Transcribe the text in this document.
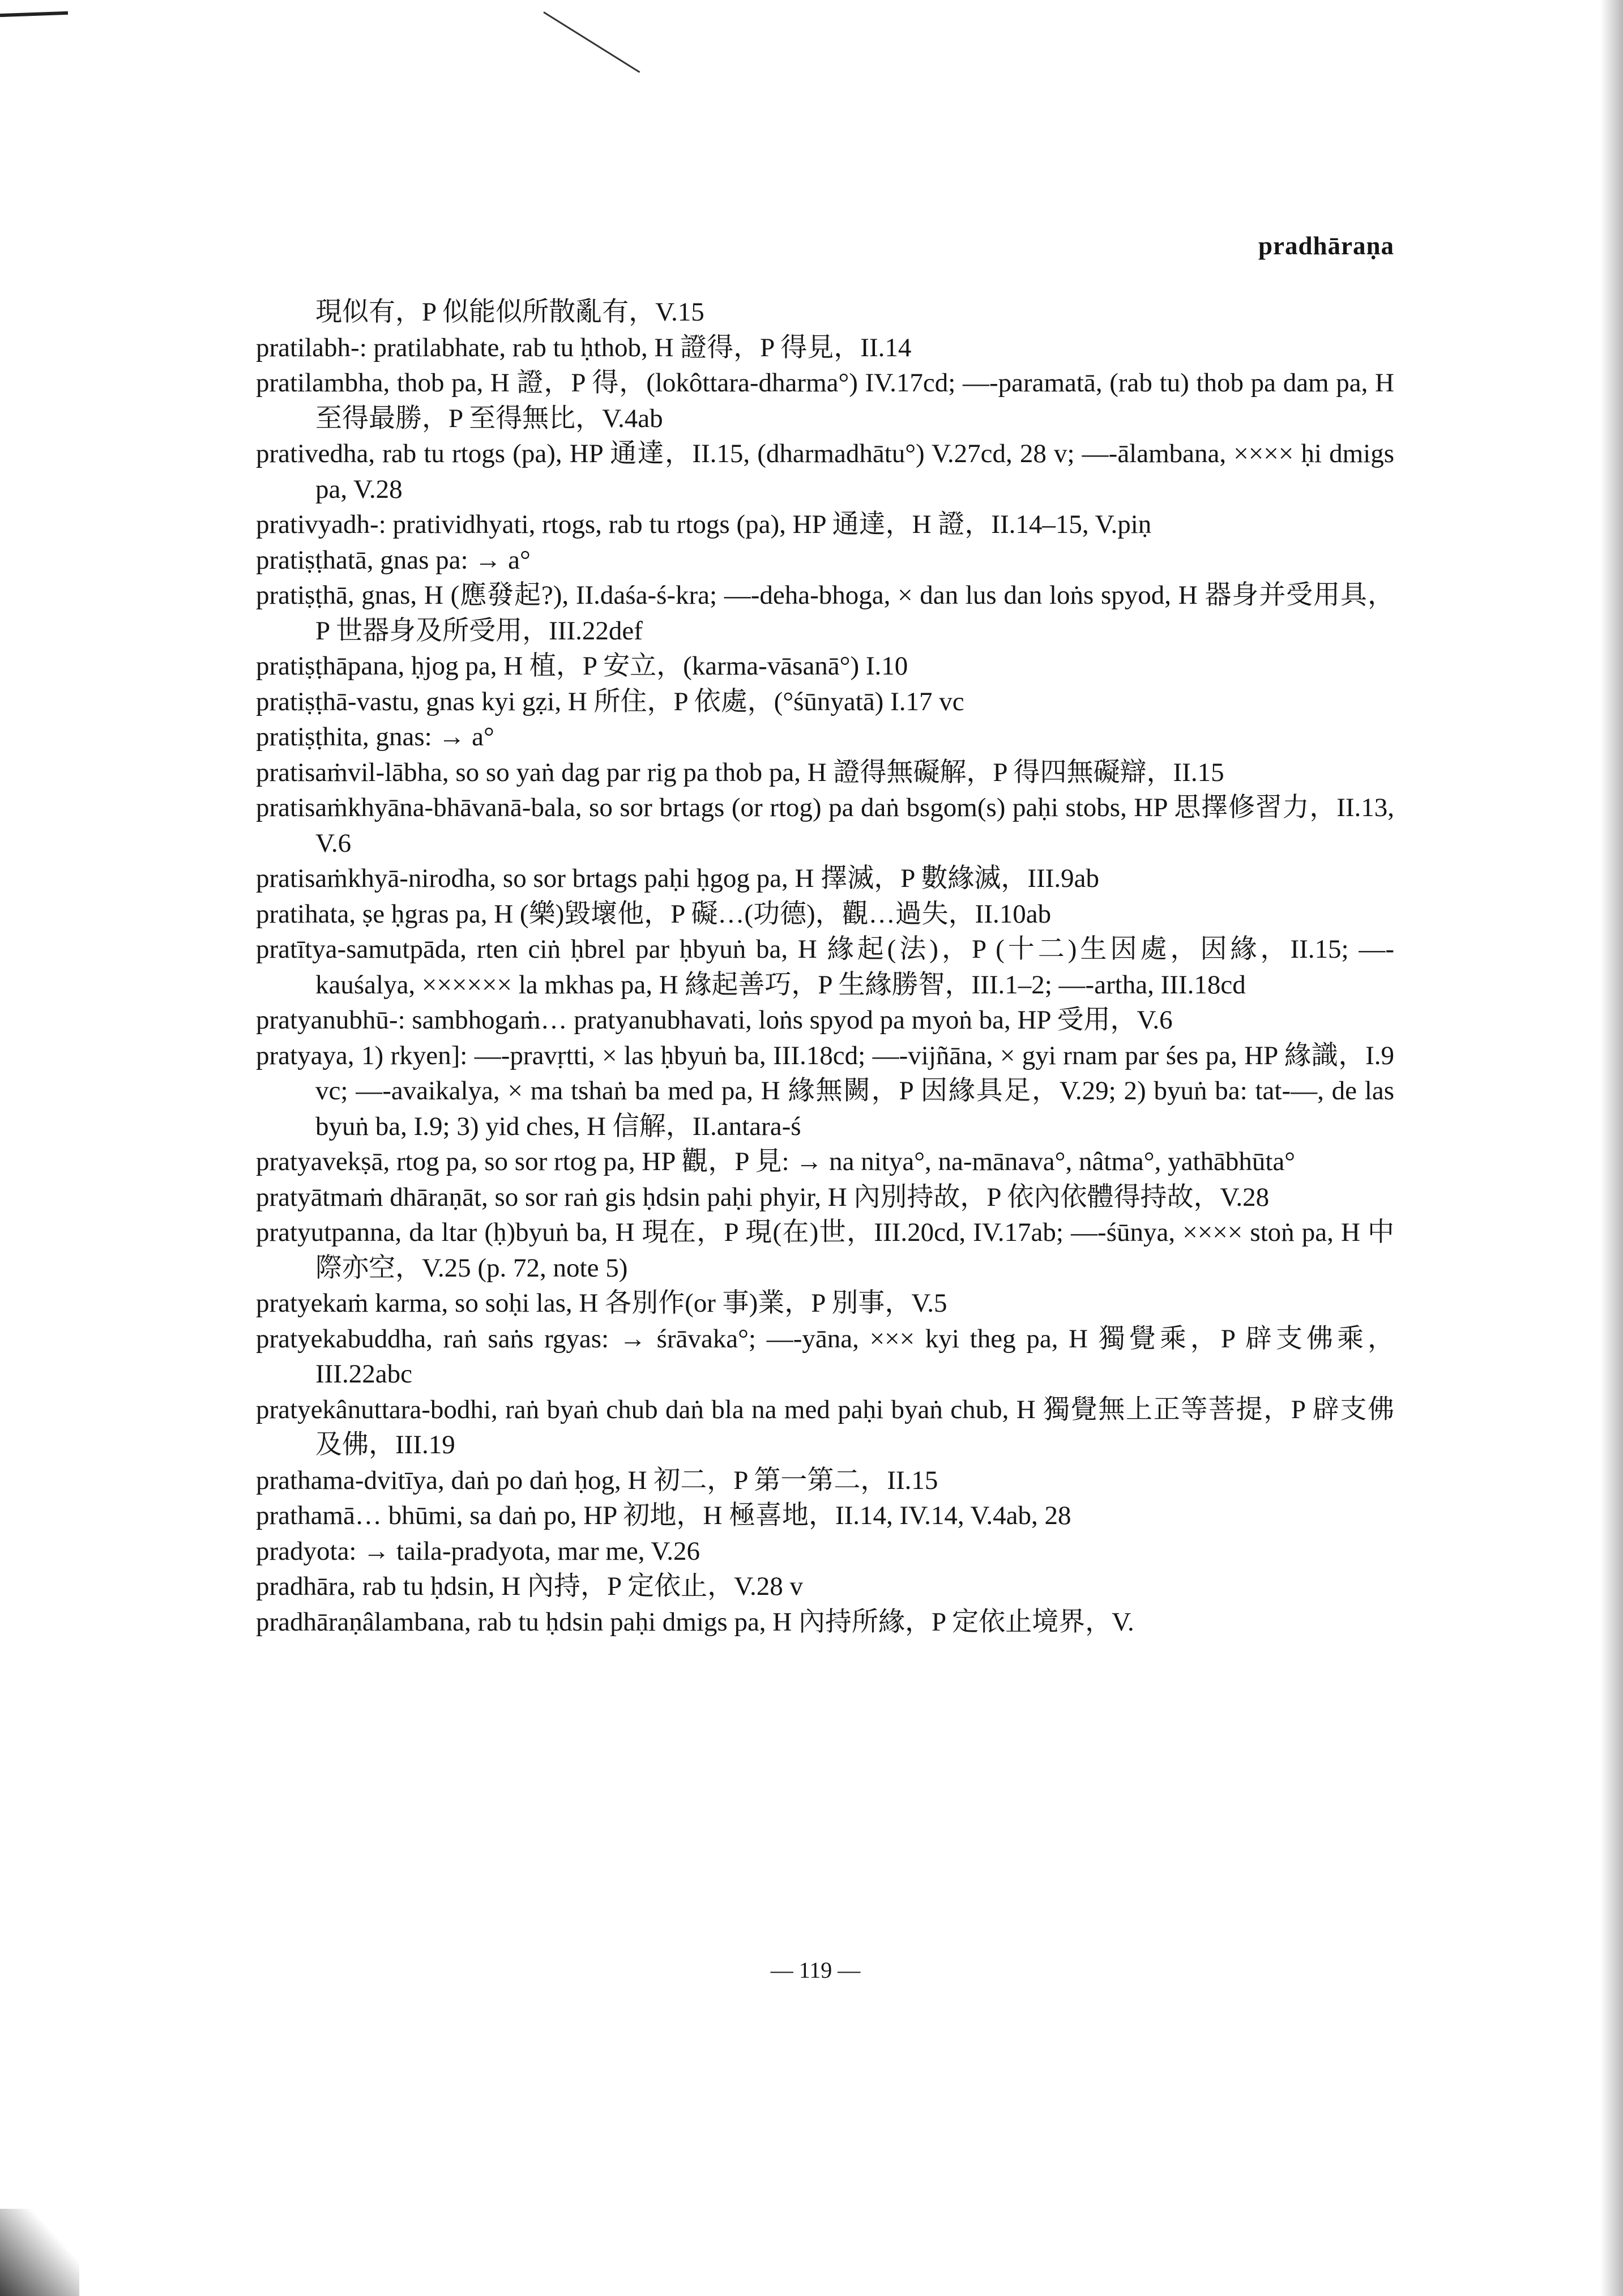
pradhāraṇa
現似有，P 似能似所散亂有，V.15
pratilabh-: pratilabhate, rab tu ḥthob, H 證得，P 得見，II.14
pratilambha, thob pa, H 證，P 得，(lokôttara-dharma°) IV.17cd; —-paramatā, (rab tu) thob pa dam pa, H 至得最勝，P 至得無比，V.4ab
prativedha, rab tu rtogs (pa), HP 通達，II.15, (dharmadhātu°) V.27cd, 28 v; —-ālambana, ×××× ḥi dmigs pa, V.28
prativyadh-: pratividhyati, rtogs, rab tu rtogs (pa), HP 通達，H 證，II.14–15, V.piṇ
pratiṣṭhatā, gnas pa: → a°
pratiṣṭhā, gnas, H (應發起?), II.daśa-ś-kra; —-deha-bhoga, × dan lus dan loṅs spyod, H 器身并受用具，P 世器身及所受用，III.22def
pratiṣṭhāpana, ḥjog pa, H 植，P 安立，(karma-vāsanā°) I.10
pratiṣṭhā-vastu, gnas kyi gẓi, H 所住，P 依處，(°śūnyatā) I.17 vc
pratiṣṭhita, gnas: → a°
pratisaṁvil-lābha, so so yaṅ dag par rig pa thob pa, H 證得無礙解，P 得四無礙辯，II.15
pratisaṁkhyāna-bhāvanā-bala, so sor brtags (or rtog) pa daṅ bsgom(s) paḥi stobs, HP 思擇修習力，II.13, V.6
pratisaṁkhyā-nirodha, so sor brtags paḥi ḥgog pa, H 擇滅，P 數緣滅，III.9ab
pratihata, ṣe ḥgras pa, H (樂)毀壞他，P 礙…(功德)，觀…過失，II.10ab
pratītya-samutpāda, rten ciṅ ḥbrel par ḥbyuṅ ba, H 緣起(法)，P (十二)生因處，因緣，II.15; —-kauśalya, ×××××× la mkhas pa, H 緣起善巧，P 生緣勝智，III.1–2; —-artha, III.18cd
pratyanubhū-: sambhogaṁ… pratyanubhavati, loṅs spyod pa myoṅ ba, HP 受用，V.6
pratyaya, 1) rkyen]: —-pravṛtti, × las ḥbyuṅ ba, III.18cd; —-vijñāna, × gyi rnam par śes pa, HP 緣識，I.9 vc; —-avaikalya, × ma tshaṅ ba med pa, H 緣無闕，P 因緣具足，V.29; 2) byuṅ ba: tat-—, de las byuṅ ba, I.9; 3) yid ches, H 信解，II.antara-ś
pratyavekṣā, rtog pa, so sor rtog pa, HP 觀，P 見: → na nitya°, na-mānava°, nâtma°, yathābhūta°
pratyātmaṁ dhāraṇāt, so sor raṅ gis ḥdsin paḥi phyir, H 內別持故，P 依內依體得持故，V.28
pratyutpanna, da ltar (ḥ)byuṅ ba, H 現在，P 現(在)世，III.20cd, IV.17ab; —-śūnya, ×××× stoṅ pa, H 中際亦空，V.25 (p. 72, note 5)
pratyekaṁ karma, so soḥi las, H 各別作(or 事)業，P 別事，V.5
pratyekabuddha, raṅ saṅs rgyas: → śrāvaka°; —-yāna, ××× kyi theg pa, H 獨覺乘，P 辟支佛乘，III.22abc
pratyekânuttara-bodhi, raṅ byaṅ chub daṅ bla na med paḥi byaṅ chub, H 獨覺無上正等菩提，P 辟支佛及佛，III.19
prathama-dvitīya, daṅ po daṅ ḥog, H 初二，P 第一第二，II.15
prathamā… bhūmi, sa daṅ po, HP 初地，H 極喜地，II.14, IV.14, V.4ab, 28
pradyota: → taila-pradyota, mar me, V.26
pradhāra, rab tu ḥdsin, H 內持，P 定依止，V.28 v
pradhāraṇâlambana, rab tu ḥdsin paḥi dmigs pa, H 內持所緣，P 定依止境界，V.
— 119 —
